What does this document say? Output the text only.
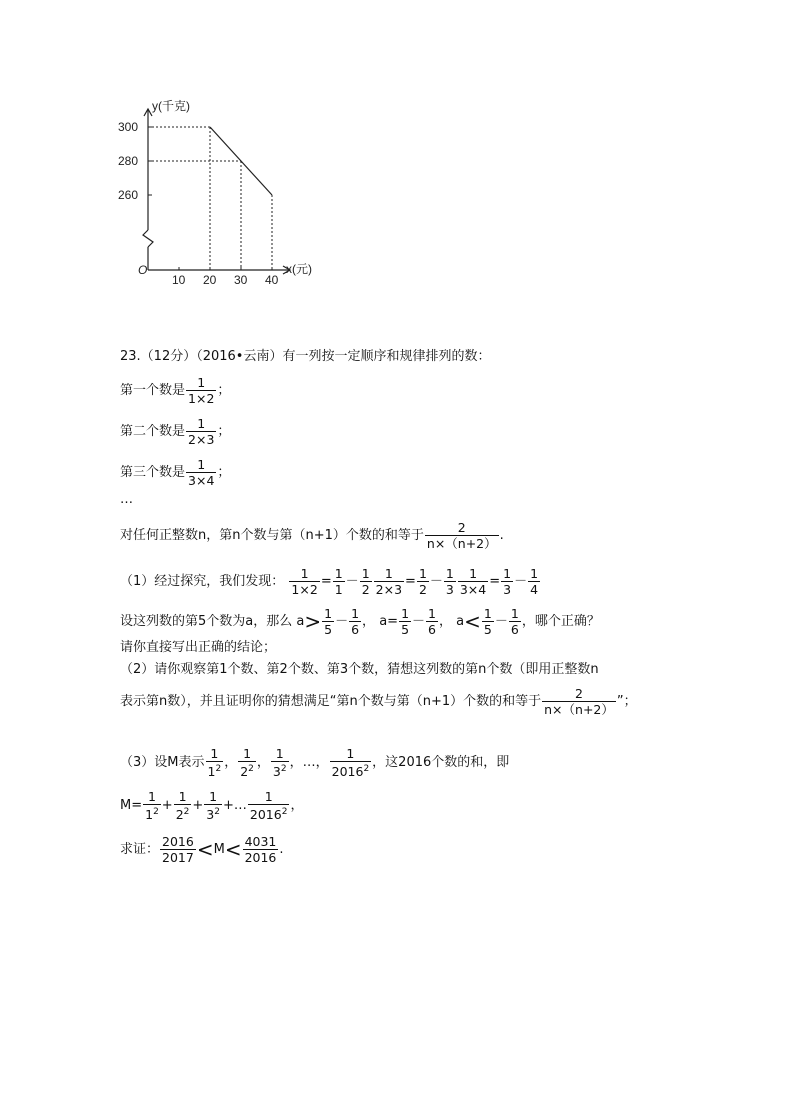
y(千克)
x(元)
O
10 20 30 40
260
280
300
23.（12分）（2016•云南）有一列按一定顺序和规律排列的数：
第一个数是 $\frac{1}{1\times 2}$ ；
第二个数是 $\frac{1}{2\times 3}$ ；
第三个数是 $\frac{1}{3\times 4}$ ；
…
对任何正整数n，第n个数与第（n+1）个数的和等于 $\frac{2}{n\times(n+2)}$ .
（1）经过探究，我们发现： $\frac{1}{1\times 2} = \frac{1}{1} - \frac{1}{2} \frac{1}{2\times 3} = \frac{1}{2} - \frac{1}{3} \frac{1}{3\times 4} = \frac{1}{3} - \frac{1}{4}$
设这列数的第5个数为a，那么 $a> \frac{1}{5} - \frac{1}{6}$ ， $a= \frac{1}{5} - \frac{1}{6}$ ， $a< \frac{1}{5} - \frac{1}{6}$ ，哪个正确？
请你直接写出正确的结论；
（2）请你观察第1个数、第2个数、第3个数，猜想这列数的第n个数（即用正整数n
表示第n数），并且证明你的猜想满足“第n个数与第（n+1）个数的和等于 $\frac{2}{n\times(n+2)}$ ”；
（3）设M表示 $\frac{1}{1^2}$ ， $\frac{1}{2^2}$ ， $\frac{1}{3^2}$ ，…， $\frac{1}{2016^2}$ ，这2016个数的和，即
$M= \frac{1}{1^2} + \frac{1}{2^2} + \frac{1}{3^2}$ +… $\frac{1}{2016^2}$ ，
求证： $\frac{2016}{2017} <M< \frac{4031}{2016}$ .
